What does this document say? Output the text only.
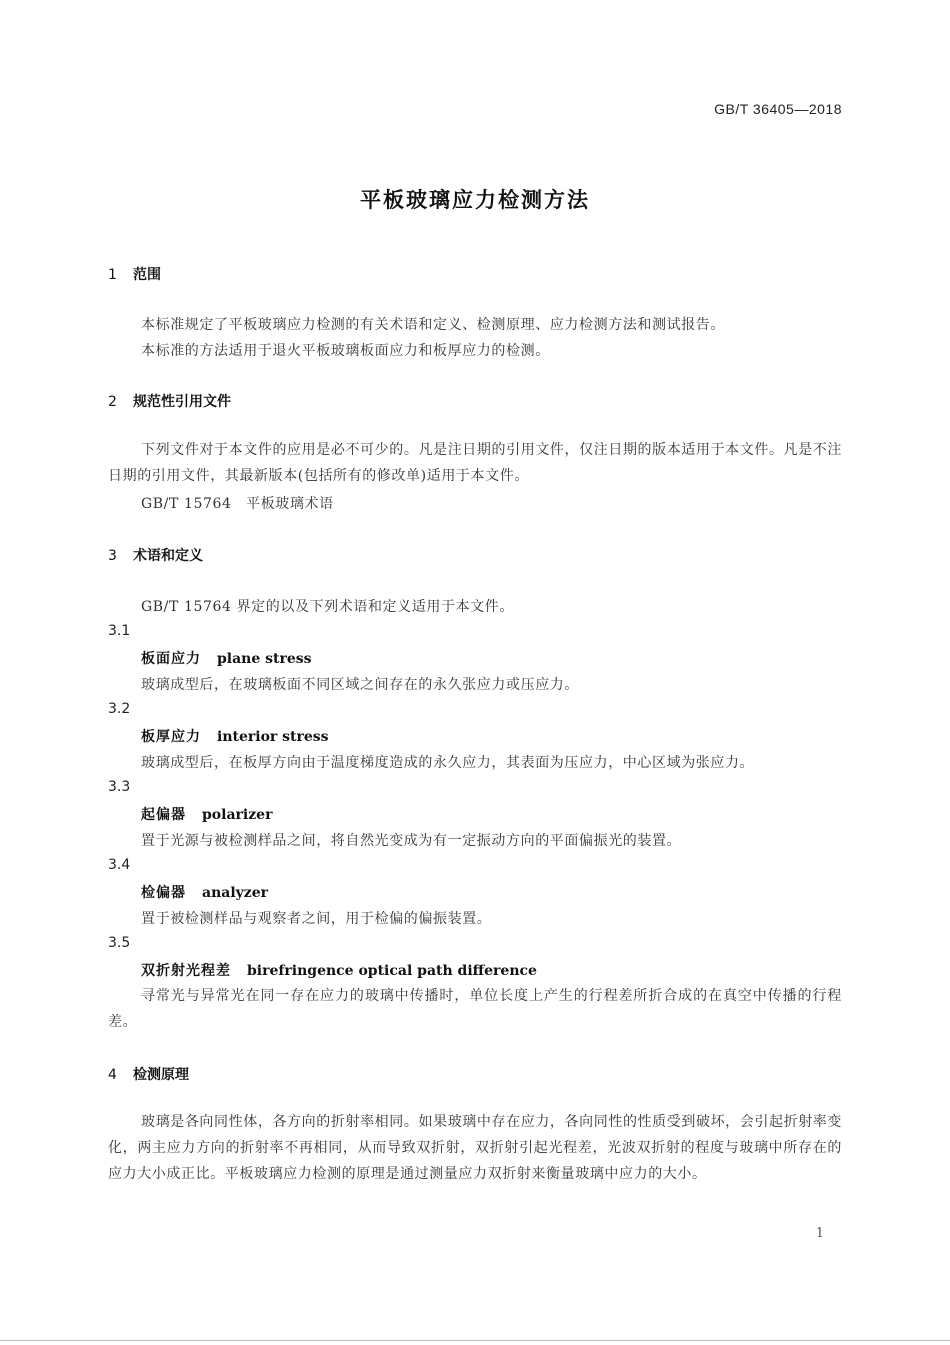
GB/T 36405—2018
平板玻璃应力检测方法
1 范围
本标准规定了平板玻璃应力检测的有关术语和定义、检测原理、应力检测方法和测试报告。
本标准的方法适用于退火平板玻璃板面应力和板厚应力的检测。
2 规范性引用文件

下列文件对于本文件的应用是必不可少的。凡是注日期的引用文件，仅注日期的版本适用于本文件。凡是不注日期的引用文件，其最新版本(包括所有的修改单)适用于本文件。

GB/T 15764　平板玻璃术语
3 术语和定义
GB/T 15764 界定的以及下列术语和定义适用于本文件。
3.1
板面应力 plane stress
玻璃成型后，在玻璃板面不同区域之间存在的永久张应力或压应力。
3.2
板厚应力 interior stress
玻璃成型后，在板厚方向由于温度梯度造成的永久应力，其表面为压应力，中心区域为张应力。
3.3
起偏器 polarizer
置于光源与被检测样品之间，将自然光变成为有一定振动方向的平面偏振光的装置。
3.4
检偏器 analyzer
置于被检测样品与观察者之间，用于检偏的偏振装置。
3.5
双折射光程差 birefringence optical path difference

寻常光与异常光在同一存在应力的玻璃中传播时，单位长度上产生的行程差所折合成的在真空中传播的行程差。

4 检测原理

玻璃是各向同性体，各方向的折射率相同。如果玻璃中存在应力，各向同性的性质受到破坏，会引起折射率变化，两主应力方向的折射率不再相同，从而导致双折射，双折射引起光程差，光波双折射的程度与玻璃中所存在的应力大小成正比。平板玻璃应力检测的原理是通过测量应力双折射来衡量玻璃中应力的大小。

1
